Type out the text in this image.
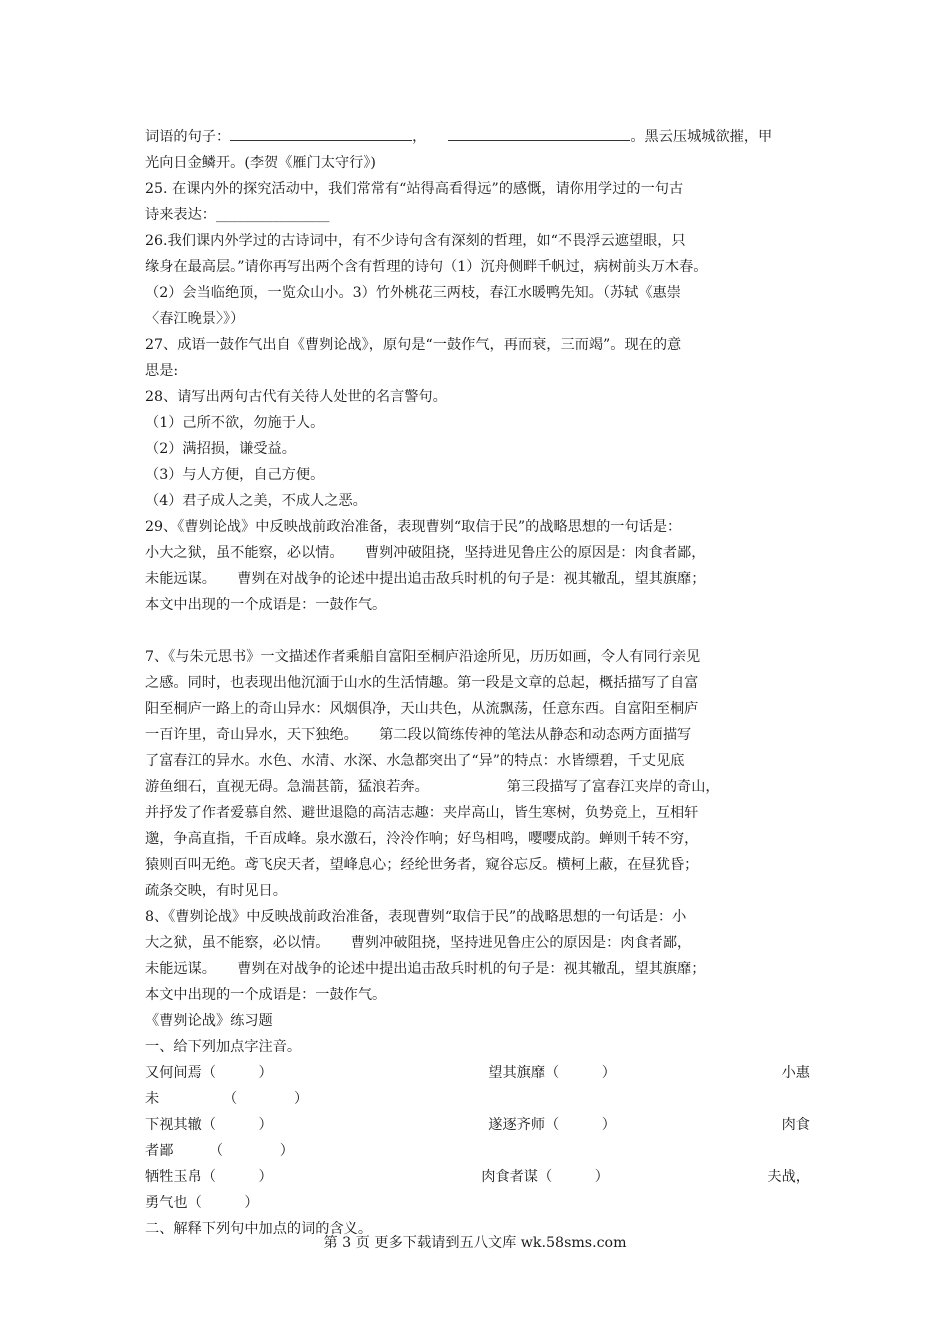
词语的句子：	，	。黑云压城城欲摧，甲
光向日金鳞开。(李贺《雁门太守行》)
25. 在课内外的探究活动中，我们常常有“站得高看得远”的感慨，请你用学过的一句古
诗来表达：________________
26.我们课内外学过的古诗词中，有不少诗句含有深刻的哲理，如“不畏浮云遮望眼，只
缘身在最高层。”请你再写出两个含有哲理的诗句（1）沉舟侧畔千帆过，病树前头万木春。
（2）会当临绝顶，一览众山小。3）竹外桃花三两枝，春江水暖鸭先知。（苏轼《惠崇
〈春江晚景〉》）
27、成语一鼓作气出自《曹刿论战》，原句是“一鼓作气，再而衰，三而竭”。现在的意
思是:
28、请写出两句古代有关待人处世的名言警句。
（1）己所不欲，勿施于人。
（2）满招损，谦受益。
（3）与人方便，自己方便。
（4）君子成人之美，不成人之恶。
29、《曹刿论战》中反映战前政治准备，表现曹刿“取信于民”的战略思想的一句话是：
小大之狱，虽不能察，必以情。　　曹刿冲破阻挠，坚持进见鲁庄公的原因是：肉食者鄙，
未能远谋。　　曹刿在对战争的论述中提出追击敌兵时机的句子是：视其辙乱，望其旗靡；
本文中出现的一个成语是：一鼓作气。
7、《与朱元思书》一文描述作者乘船自富阳至桐庐沿途所见，历历如画，令人有同行亲见
之感。同时，也表现出他沉湎于山水的生活情趣。第一段是文章的总起，概括描写了自富
阳至桐庐一路上的奇山异水：风烟俱净，天山共色，从流飘荡，任意东西。自富阳至桐庐
一百许里，奇山异水，天下独绝。　　第二段以简练传神的笔法从静态和动态两方面描写
了富春江的异水。水色、水清、水深、水急都突出了“异”的特点：水皆缥碧，千丈见底
游鱼细石，直视无碍。急湍甚箭，猛浪若奔。　　　　　　第三段描写了富春江夹岸的奇山，
并抒发了作者爱慕自然、避世退隐的高洁志趣：夹岸高山，皆生寒树，负势竞上，互相轩
邈，争高直指，千百成峰。泉水激石，泠泠作响；好鸟相鸣，嘤嘤成韵。蝉则千转不穷，
猿则百叫无绝。鸢飞戾天者，望峰息心；经纶世务者，窥谷忘反。横柯上蔽，在昼犹昏；
疏条交映，有时见日。
8、《曹刿论战》中反映战前政治准备，表现曹刿“取信于民”的战略思想的一句话是：小
大之狱，虽不能察，必以情。　　曹刿冲破阻挠，坚持进见鲁庄公的原因是：肉食者鄙，
未能远谋。　　曹刿在对战争的论述中提出追击敌兵时机的句子是：视其辙乱，望其旗靡；
本文中出现的一个成语是：一鼓作气。
《曹刿论战》练习题
一、给下列加点字注音。
又何间焉（　　　）	望其旗靡（　　　）	小惠
未　　　　　（　　　　）
下视其辙（　　　）	遂逐齐师（　　　）	肉食
者鄙　　　（　　　　）
牺牲玉帛（　　　）	肉食者谋（　　　）	夫战，
勇气也（　　　）
二、解释下列句中加点的词的含义。
第 3 页 更多下载请到五八文库 wk.58sms.com
